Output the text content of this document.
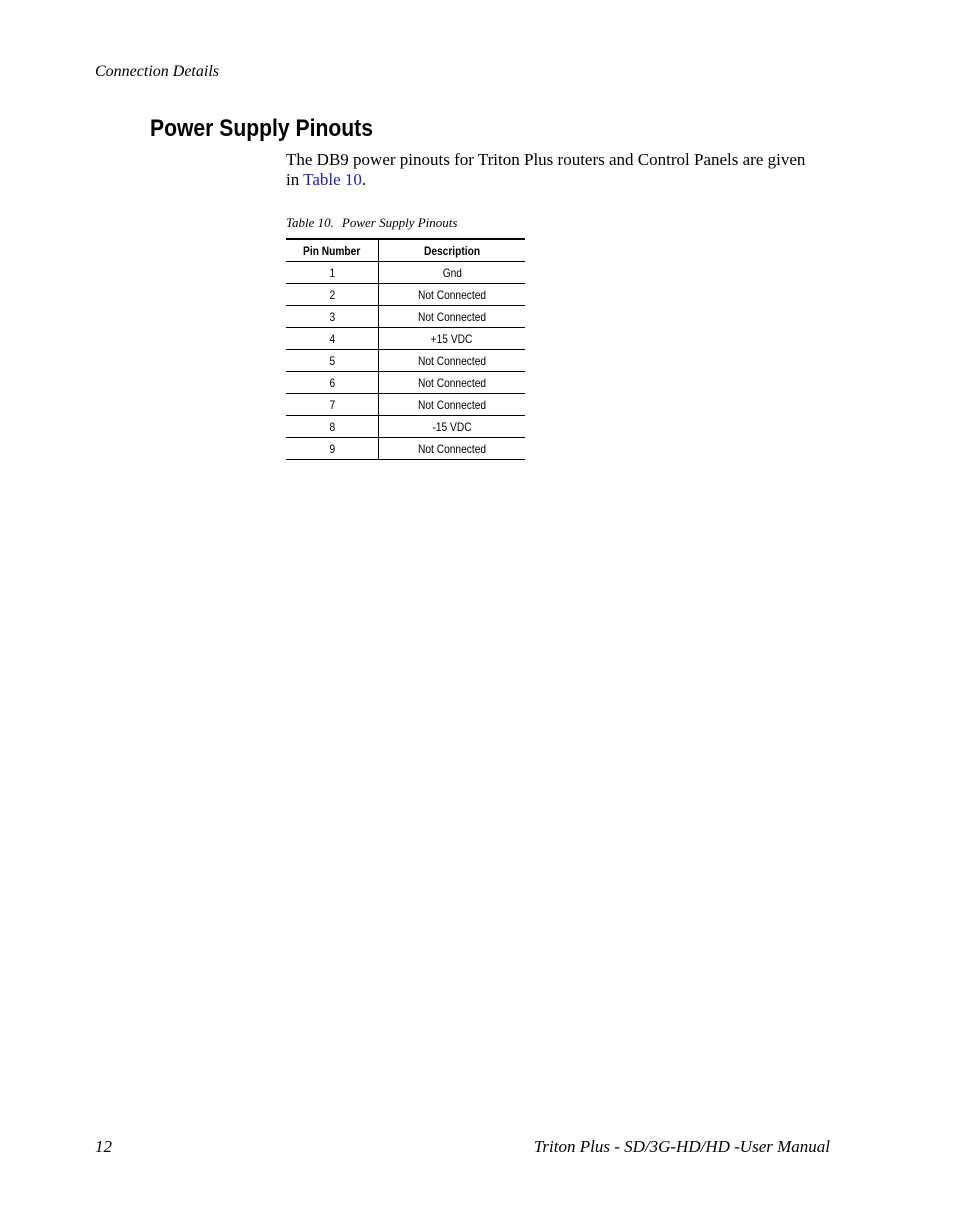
Connection Details
Power Supply Pinouts

The DB9 power pinouts for Triton Plus routers and Control Panels are given in Table 10.

Table 10. Power Supply Pinouts
Pin Number	Description
1	Gnd
2	Not Connected
3	Not Connected
4	+15 VDC
5	Not Connected
6	Not Connected
7	Not Connected
8	-15 VDC
9	Not Connected
12	Triton Plus - SD/3G-HD/HD -User Manual
